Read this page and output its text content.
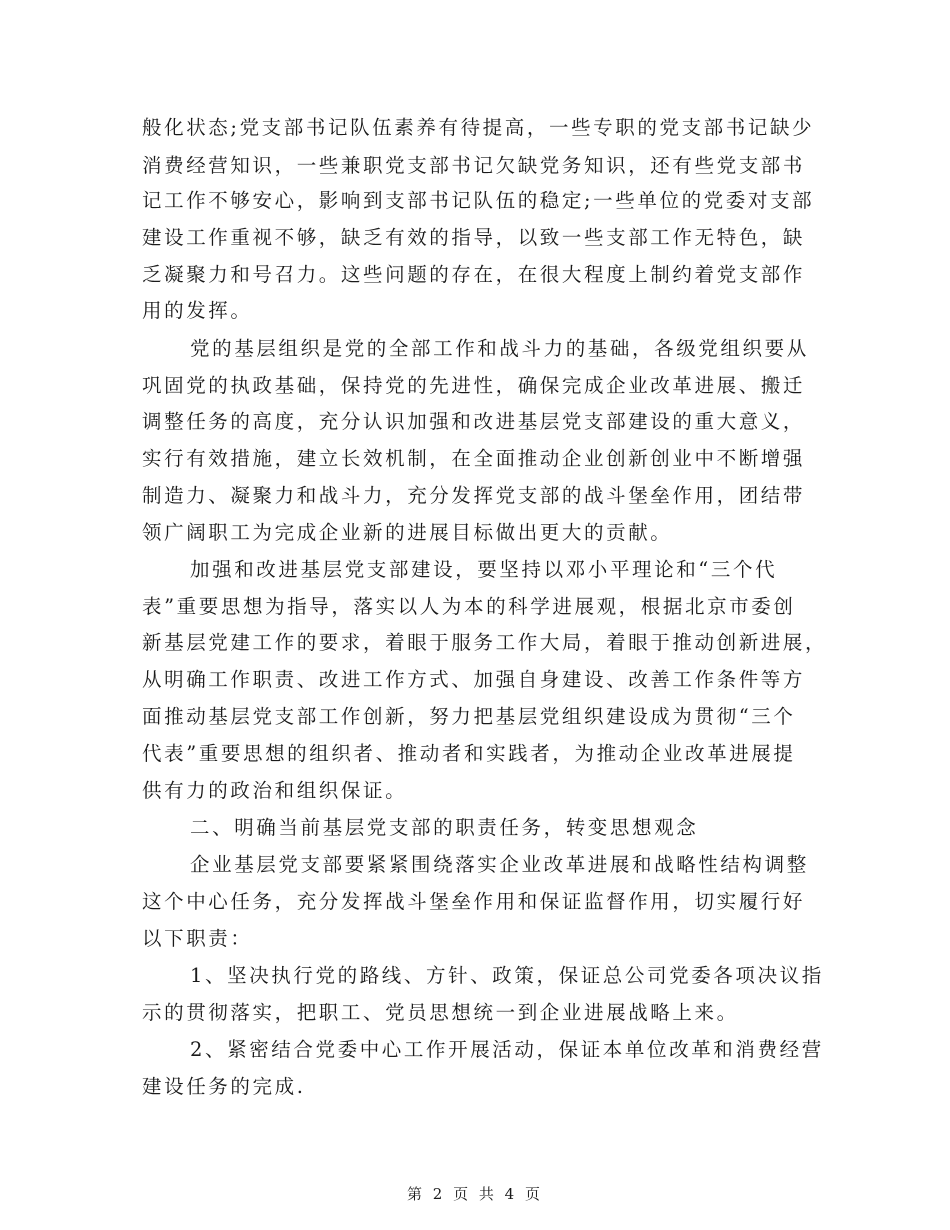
般化状态;党支部书记队伍素养有待提高，一些专职的党支部书记缺少
消费经营知识，一些兼职党支部书记欠缺党务知识，还有些党支部书
记工作不够安心，影响到支部书记队伍的稳定;一些单位的党委对支部
建设工作重视不够，缺乏有效的指导，以致一些支部工作无特色，缺
乏凝聚力和号召力。这些问题的存在，在很大程度上制约着党支部作
用的发挥。
党的基层组织是党的全部工作和战斗力的基础，各级党组织要从
巩固党的执政基础，保持党的先进性，确保完成企业改革进展、搬迁
调整任务的高度，充分认识加强和改进基层党支部建设的重大意义，
实行有效措施，建立长效机制，在全面推动企业创新创业中不断增强
制造力、凝聚力和战斗力，充分发挥党支部的战斗堡垒作用，团结带
领广阔职工为完成企业新的进展目标做出更大的贡献。
加强和改进基层党支部建设，要坚持以邓小平理论和“三个代
表”重要思想为指导，落实以人为本的科学进展观，根据北京市委创
新基层党建工作的要求，着眼于服务工作大局，着眼于推动创新进展，
从明确工作职责、改进工作方式、加强自身建设、改善工作条件等方
面推动基层党支部工作创新，努力把基层党组织建设成为贯彻“三个
代表”重要思想的组织者、推动者和实践者，为推动企业改革进展提
供有力的政治和组织保证。
二、明确当前基层党支部的职责任务，转变思想观念
企业基层党支部要紧紧围绕落实企业改革进展和战略性结构调整
这个中心任务，充分发挥战斗堡垒作用和保证监督作用，切实履行好
以下职责：
1、坚决执行党的路线、方针、政策，保证总公司党委各项决议指
示的贯彻落实，把职工、党员思想统一到企业进展战略上来。
2、紧密结合党委中心工作开展活动，保证本单位改革和消费经营
建设任务的完成.
第 2 页 共 4 页
